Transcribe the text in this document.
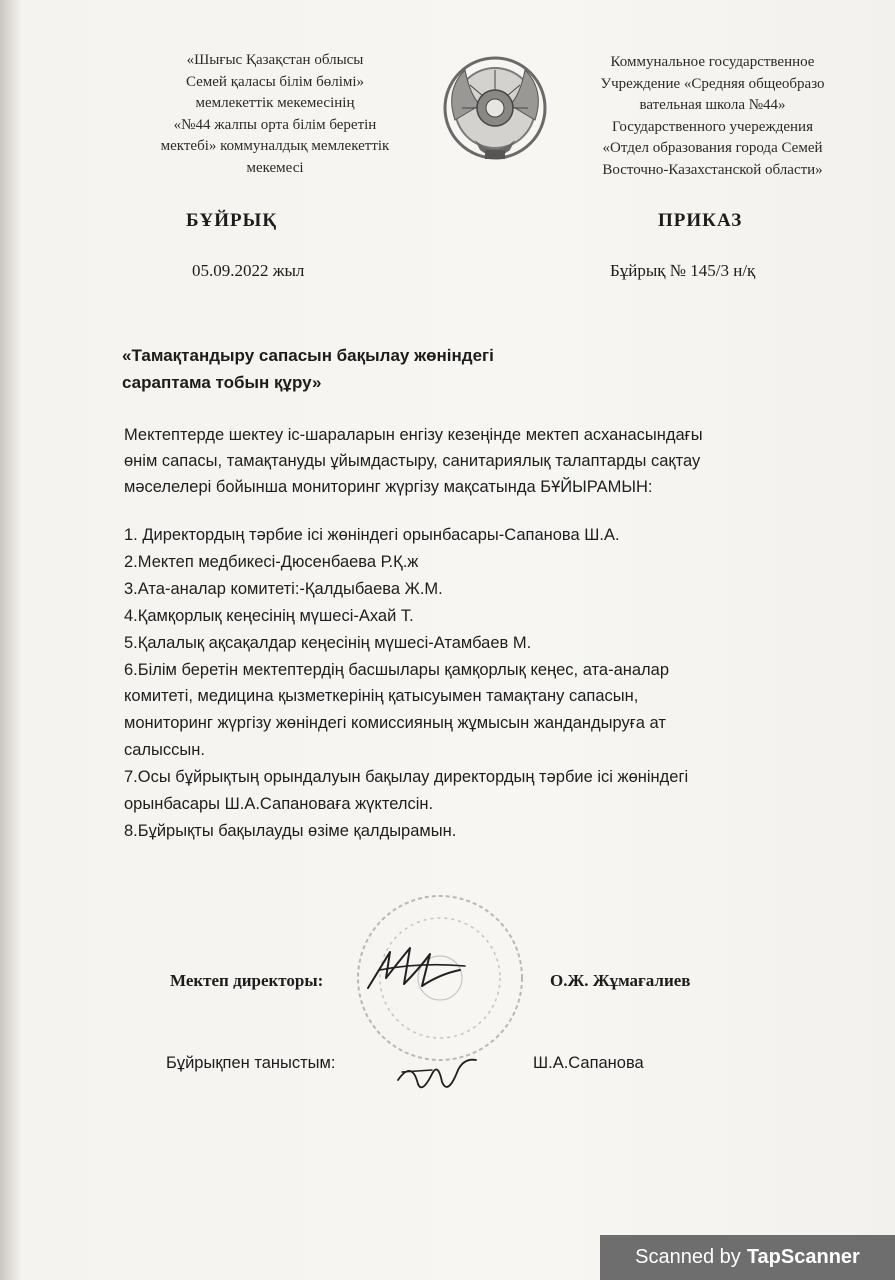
«Шығыс Қазақстан облысы
Семей қаласы білім бөлімі»
мемлекеттік мекемесінің
«№44 жалпы орта білім беретін
мектебі» коммуналдық мемлекеттік
мекемесі
Коммунальное государственное
Учреждение «Средняя общеобразо
вательная школа №44»
Государственного учереждения
«Отдел образования города Семей
Восточно-Казахстанской области»
БҰЙРЫҚ	ПРИКАЗ
05.09.2022 жыл	Бұйрық № 145/3 н/қ
«Тамақтандыру сапасын бақылау жөніндегі
сараптама тобын құру»
Мектептерде шектеу іс-шараларын енгізу кезеңінде мектеп асханасындағы
өнім сапасы, тамақтануды ұйымдастыру, санитариялық талаптарды сақтау
мәселелері бойынша мониторинг жүргізу мақсатында БҰЙЫРАМЫН:
1. Директордың тәрбие ісі жөніндегі орынбасары-Сапанова Ш.А.
2.Мектеп медбикесі-Дюсенбаева Р.Қ.ж
3.Ата-аналар комитеті:-Қалдыбаева Ж.М.
4.Қамқорлық кеңесінің мүшесі-Ахай Т.
5.Қалалық ақсақалдар кеңесінің мүшесі-Атамбаев М.
6.Білім беретін мектептердің басшылары қамқорлық кеңес, ата-аналар
комитеті, медицина қызметкерінің қатысуымен тамақтану сапасын,
мониторинг жүргізу жөніндегі комиссияның жұмысын жандандыруға ат
салыссын.
7.Осы бұйрықтың орындалуын бақылау директордың тәрбие ісі жөніндегі
орынбасары Ш.А.Сапановаға жүктелсін.
8.Бұйрықты бақылауды өзіме қалдырамын.
Мектеп директоры:	О.Ж. Жұмағалиев
Бұйрықпен таныстым:	Ш.А.Сапанова
Scanned by TapScanner
